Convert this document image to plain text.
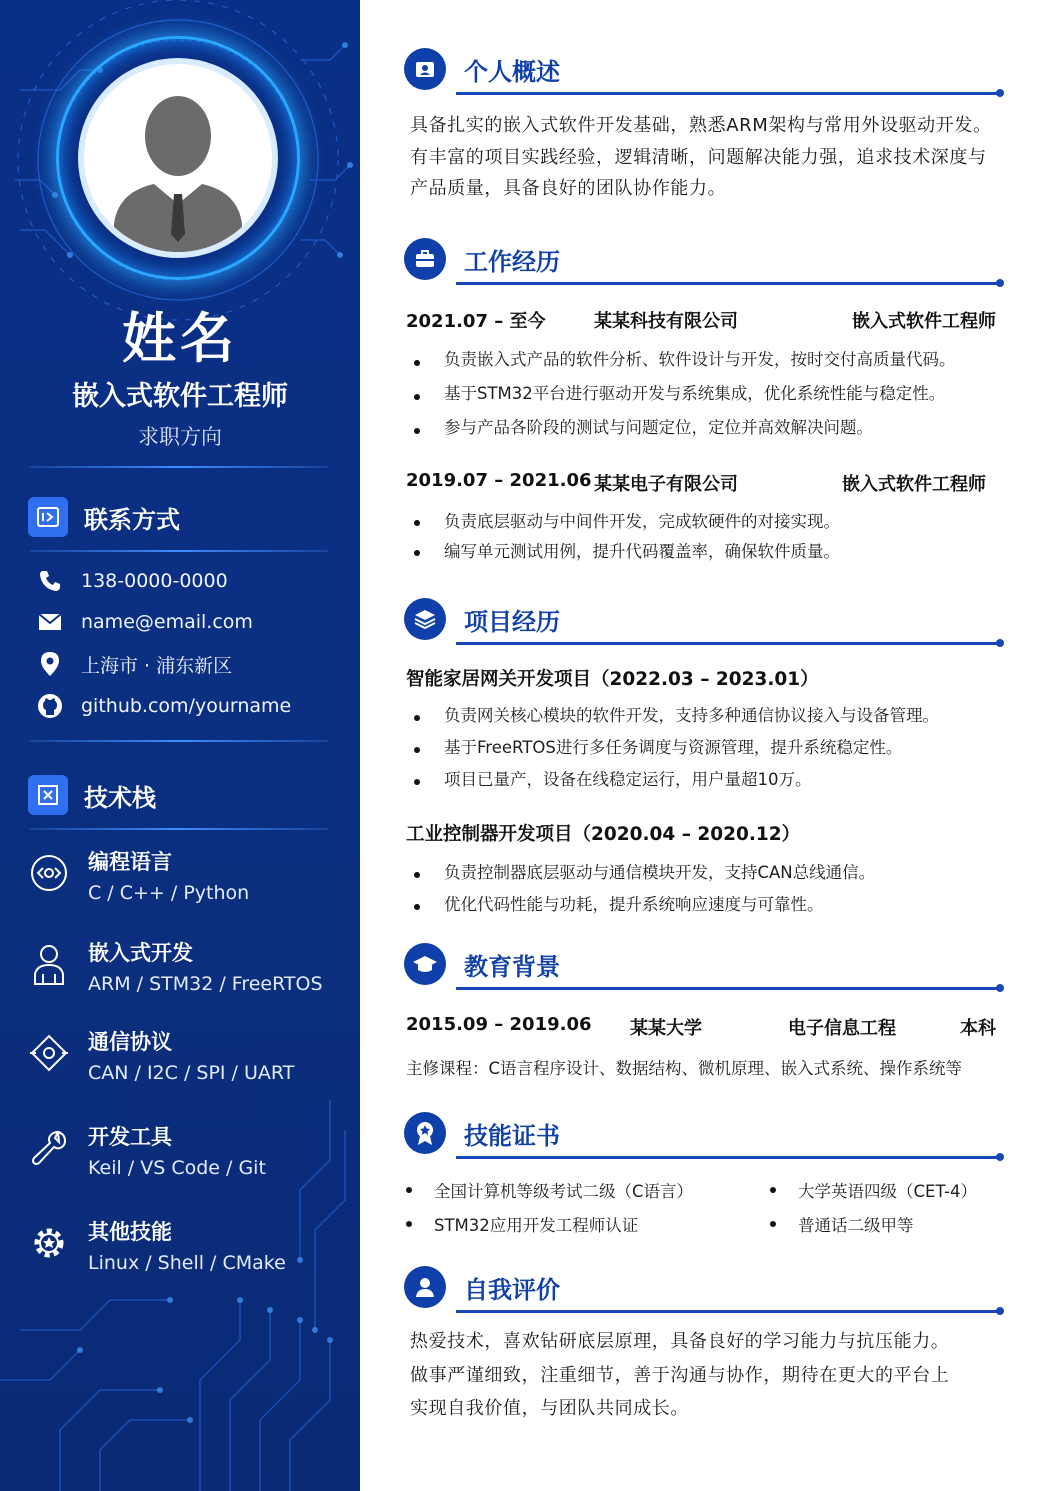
姓名
嵌入式软件工程师
求职方向
联系方式
138-0000-0000
name@email.com
上海市 · 浦东新区
github.com/yourname
技术栈
编程语言
C / C++ / Python
嵌入式开发
ARM / STM32 / FreeRTOS
通信协议
CAN / I2C / SPI / UART
开发工具
Keil / VS Code / Git
其他技能
Linux / Shell / CMake
个人概述
具备扎实的嵌入式软件开发基础，熟悉ARM架构与常用外设驱动开发。
有丰富的项目实践经验，逻辑清晰，问题解决能力强，追求技术深度与
产品质量，具备良好的团队协作能力。
工作经历
2021.07 – 至今	某某科技有限公司	嵌入式软件工程师
负责嵌入式产品的软件分析、软件设计与开发，按时交付高质量代码。
基于STM32平台进行驱动开发与系统集成，优化系统性能与稳定性。
参与产品各阶段的测试与问题定位，定位并高效解决问题。
2019.07 – 2021.06 某某电子有限公司	嵌入式软件工程师
负责底层驱动与中间件开发，完成软硬件的对接实现。
编写单元测试用例，提升代码覆盖率，确保软件质量。
项目经历
智能家居网关开发项目（2022.03 – 2023.01）
负责网关核心模块的软件开发，支持多种通信协议接入与设备管理。
基于FreeRTOS进行多任务调度与资源管理，提升系统稳定性。
项目已量产，设备在线稳定运行，用户量超10万。
工业控制器开发项目（2020.04 – 2020.12）
负责控制器底层驱动与通信模块开发，支持CAN总线通信。
优化代码性能与功耗，提升系统响应速度与可靠性。
教育背景
2015.09 – 2019.06 某某大学	电子信息工程	本科
主修课程：C语言程序设计、数据结构、微机原理、嵌入式系统、操作系统等
技能证书
全国计算机等级考试二级（C语言）	大学英语四级（CET-4）
STM32应用开发工程师认证	普通话二级甲等
自我评价
热爱技术，喜欢钻研底层原理，具备良好的学习能力与抗压能力。
做事严谨细致，注重细节，善于沟通与协作，期待在更大的平台上
实现自我价值，与团队共同成长。
